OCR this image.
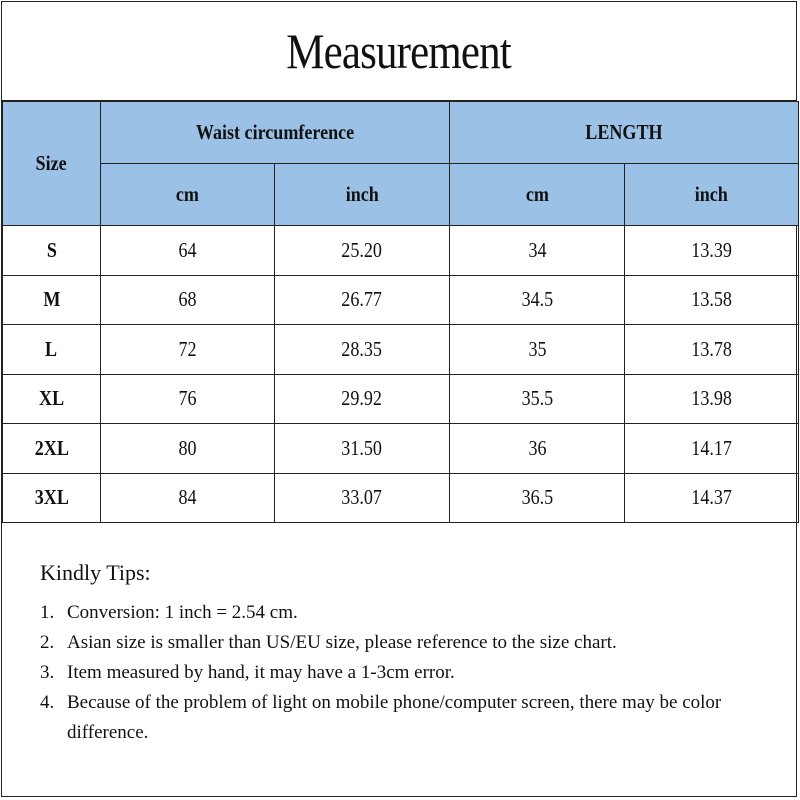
Measurement
Size	Waist circumference		LENGTH	
	cm	inch	cm	inch
S	64	25.20	34	13.39
M	68	26.77	34.5	13.58
L	72	28.35	35	13.78
XL	76	29.92	35.5	13.98
2XL	80	31.50	36	14.17
3XL	84	33.07	36.5	14.37

Kindly Tips:

1. Conversion: 1 inch = 2.54 cm.
2. Asian size is smaller than US/EU size, please reference to the size chart.
3. Item measured by hand, it may have a 1-3cm error.
4. Because of the problem of light on mobile phone/computer screen, there may be color difference.
